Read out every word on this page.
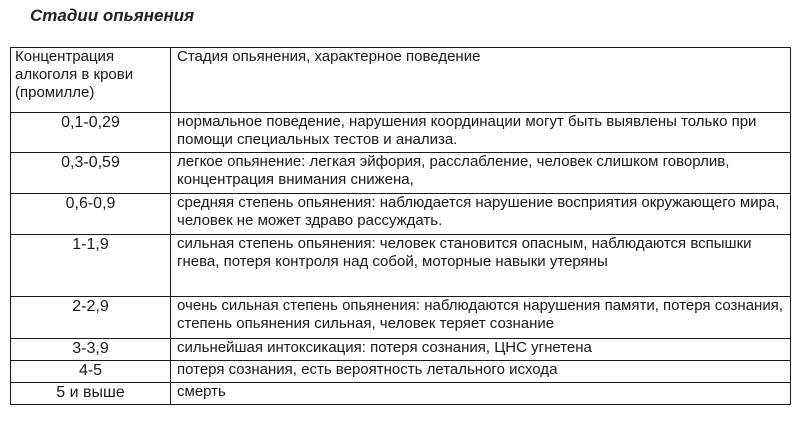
Стадии опьянения
Концентрация
алкоголя в крови
(промилле)	Стадия опьянения, характерное поведение
0,1-0,29	нормальное поведение, нарушения координации могут быть выявлены только при помощи специальных тестов и анализа.
0,3-0,59	легкое опьянение: легкая эйфория, расслабление, человек слишком говорлив, концентрация внимания снижена,
0,6-0,9	средняя степень опьянения: наблюдается нарушение восприятия окружающего мира, человек не может здраво рассуждать.
1-1,9	сильная степень опьянения: человек становится опасным, наблюдаются вспышки гнева, потеря контроля над собой, моторные навыки утеряны
2-2,9	очень сильная степень опьянения: наблюдаются нарушения памяти, потеря сознания, степень опьянения сильная, человек теряет сознание
3-3,9	сильнейшая интоксикация: потеря сознания, ЦНС угнетена
4-5	потеря сознания, есть вероятность летального исхода
5 и выше	смерть
